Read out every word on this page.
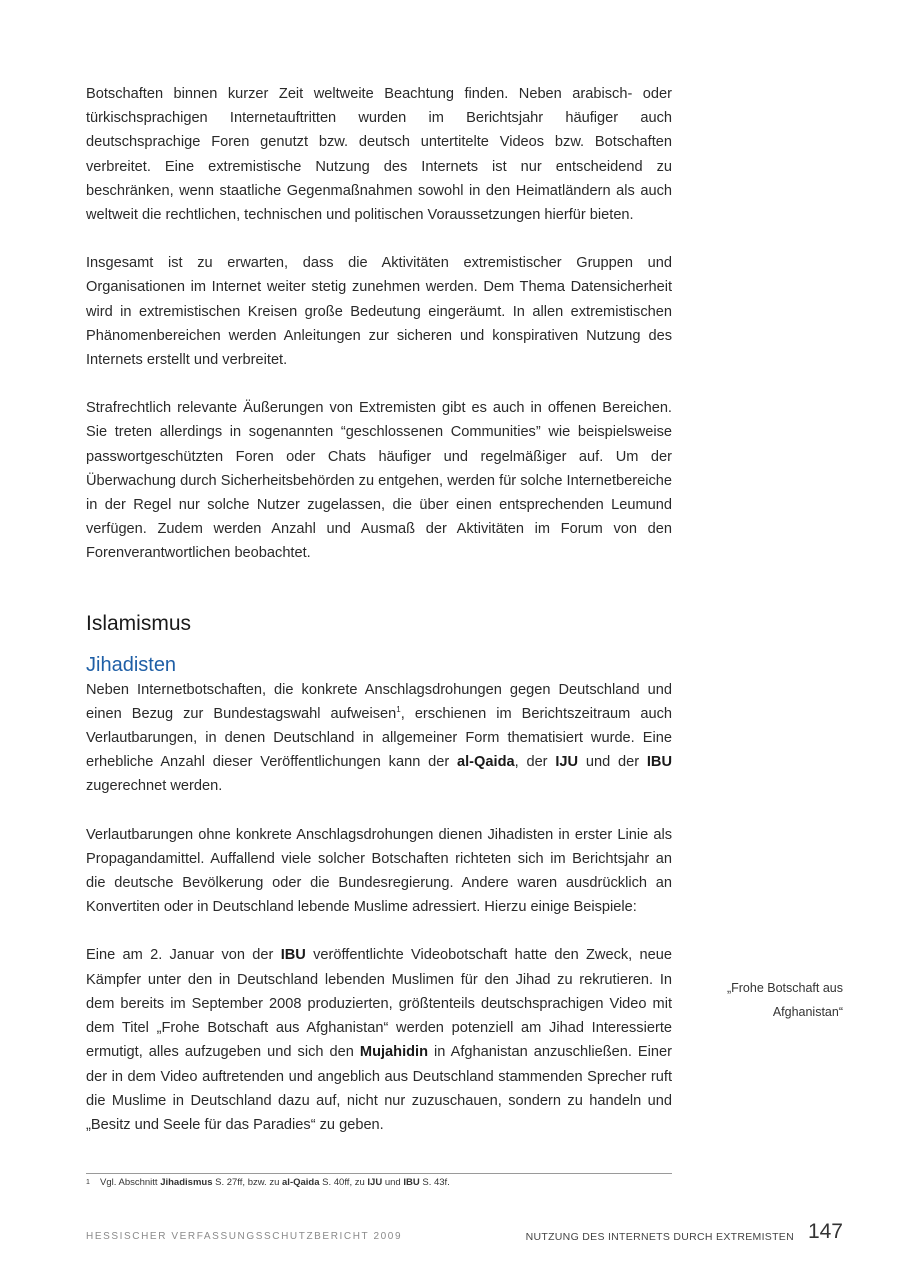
Botschaften binnen kurzer Zeit weltweite Beachtung finden. Neben arabisch- oder türkischsprachigen Internetauftritten wurden im Berichtsjahr häufiger auch deutschsprachige Foren genutzt bzw. deutsch untertitelte Videos bzw. Botschaften verbreitet. Eine extremistische Nutzung des Internets ist nur entscheidend zu beschränken, wenn staatliche Gegenmaßnahmen sowohl in den Heimatländern als auch weltweit die rechtlichen, technischen und politischen Voraussetzungen hierfür bieten.

Insgesamt ist zu erwarten, dass die Aktivitäten extremistischer Gruppen und Organisationen im Internet weiter stetig zunehmen werden. Dem Thema Datensicherheit wird in extremistischen Kreisen große Bedeutung eingeräumt. In allen extremistischen Phänomenbereichen werden Anleitungen zur sicheren und konspirativen Nutzung des Internets erstellt und verbreitet.

Strafrechtlich relevante Äußerungen von Extremisten gibt es auch in offenen Bereichen. Sie treten allerdings in sogenannten “geschlossenen Communities” wie beispielsweise passwortgeschützten Foren oder Chats häufiger und regelmäßiger auf. Um der Überwachung durch Sicherheitsbehörden zu entgehen, werden für solche Internetbereiche in der Regel nur solche Nutzer zugelassen, die über einen entsprechenden Leumund verfügen. Zudem werden Anzahl und Ausmaß der Aktivitäten im Forum von den Forenverantwortlichen beobachtet.

Islamismus
Jihadisten

Neben Internetbotschaften, die konkrete Anschlagsdrohungen gegen Deutschland und einen Bezug zur Bundestagswahl aufweisen$^1$, erschienen im Berichtszeitraum auch Verlautbarungen, in denen Deutschland in allgemeiner Form thematisiert wurde. Eine erhebliche Anzahl dieser Veröffentlichungen kann der al-Qaida, der IJU und der IBU zugerechnet werden.

Verlautbarungen ohne konkrete Anschlagsdrohungen dienen Jihadisten in erster Linie als Propagandamittel. Auffallend viele solcher Botschaften richteten sich im Berichtsjahr an die deutsche Bevölkerung oder die Bundesregierung. Andere waren ausdrücklich an Konvertiten oder in Deutschland lebende Muslime adressiert. Hierzu einige Beispiele:

Eine am 2. Januar von der IBU veröffentlichte Videobotschaft hatte den Zweck, neue Kämpfer unter den in Deutschland lebenden Muslimen für den Jihad zu rekrutieren. In dem bereits im September 2008 produzierten, größtenteils deutschsprachigen Video mit dem Titel „Frohe Botschaft aus Afghanistan“ werden potenziell am Jihad Interessierte ermutigt, alles aufzugeben und sich den Mujahidin in Afghanistan anzuschließen. Einer der in dem Video auftretenden und angeblich aus Deutschland stammenden Sprecher ruft die Muslime in Deutschland dazu auf, nicht nur zuzuschauen, sondern zu handeln und „Besitz und Seele für das Paradies“ zu geben.

„Frohe Botschaft aus
Afghanistan“
1 Vgl. Abschnitt Jihadismus S. 27ff, bzw. zu al-Qaida S. 40ff, zu IJU und IBU S. 43f.
HESSISCHER VERFASSUNGSSCHUTZBERICHT 2009	NUTZUNG DES INTERNETS DURCH EXTREMISTEN 147
